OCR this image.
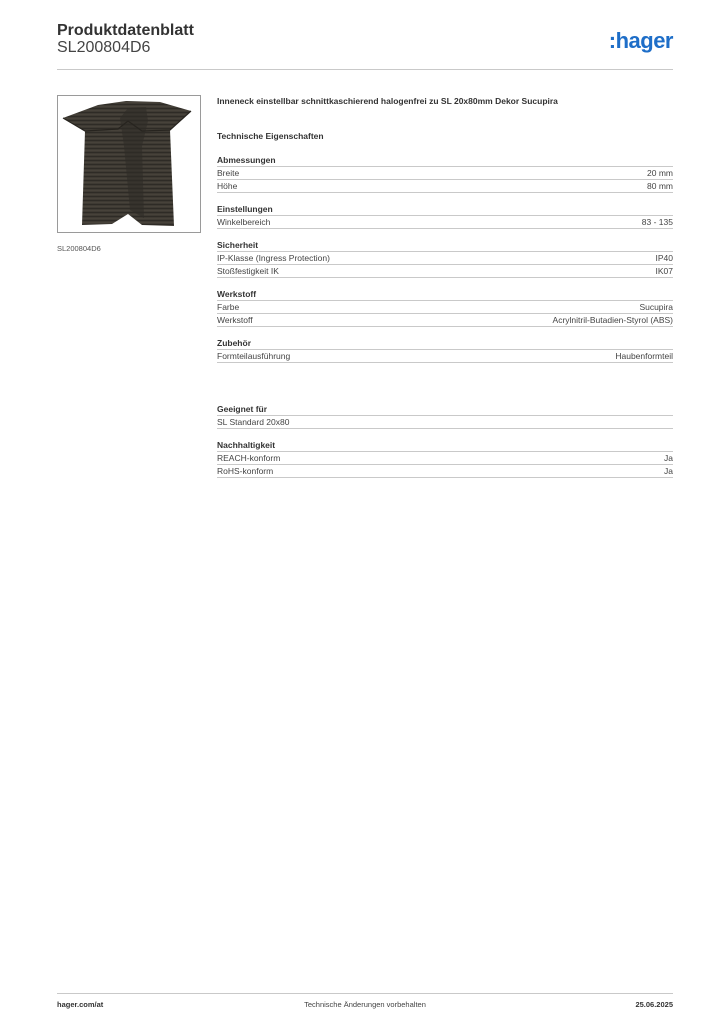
Produktdatenblatt
SL200804D6	:hager
SL200804D6
Inneneck einstellbar schnittkaschierend halogenfrei zu SL 20x80mm Dekor Sucupira
Technische Eigenschaften
Abmessungen
Breite	20 mm
Höhe	80 mm
Einstellungen
Winkelbereich	83 - 135
Sicherheit
IP-Klasse (Ingress Protection)	IP40
Stoßfestigkeit IK	IK07
Werkstoff
Farbe	Sucupira
Werkstoff	Acrylnitril-Butadien-Styrol (ABS)
Zubehör
Formteilausführung	Haubenformteil
Geeignet für
SL Standard 20x80
Nachhaltigkeit
REACH-konform	Ja
RoHS-konform	Ja
hager.com/at	Technische Änderungen vorbehalten	25.06.2025
